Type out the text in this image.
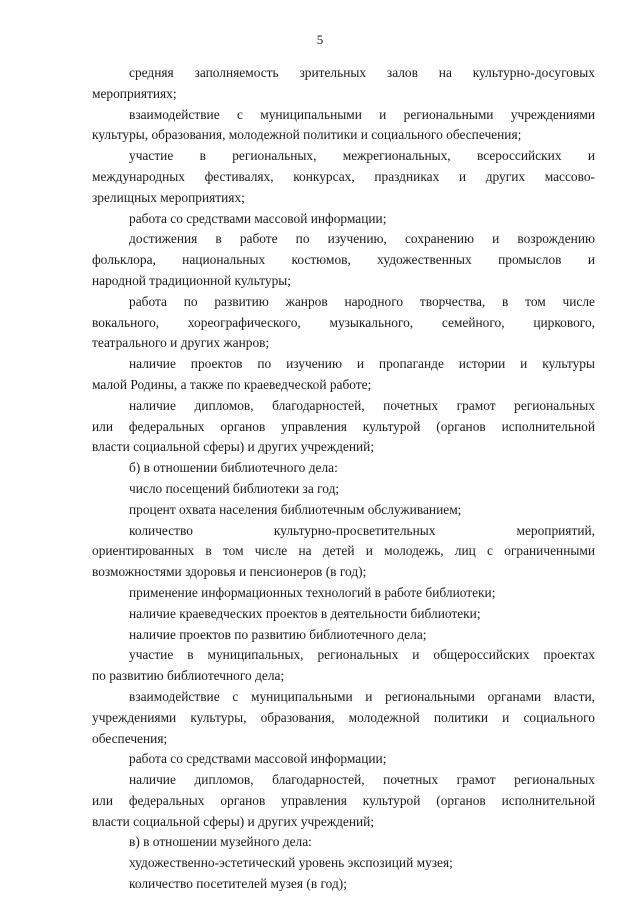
5
средняя заполняемость зрительных залов на культурно-досуговых
мероприятиях;
взаимодействие с муниципальными и региональными учреждениями
культуры, образования, молодежной политики и социального обеспечения;
участие в региональных, межрегиональных, всероссийских и
международных фестивалях, конкурсах, праздниках и других массово-
зрелищных мероприятиях;
работа со средствами массовой информации;
достижения в работе по изучению, сохранению и возрождению
фольклора, национальных костюмов, художественных промыслов и
народной традиционной культуры;
работа по развитию жанров народного творчества, в том числе
вокального, хореографического, музыкального, семейного, циркового,
театрального и других жанров;
наличие проектов по изучению и пропаганде истории и культуры
малой Родины, а также по краеведческой работе;
наличие дипломов, благодарностей, почетных грамот региональных
или федеральных органов управления культурой (органов исполнительной
власти социальной сферы) и других учреждений;
б) в отношении библиотечного дела:
число посещений библиотеки за год;
процент охвата населения библиотечным обслуживанием;
количество культурно-просветительных мероприятий,
ориентированных в том числе на детей и молодежь, лиц с ограниченными
возможностями здоровья и пенсионеров (в год);
применение информационных технологий в работе библиотеки;
наличие краеведческих проектов в деятельности библиотеки;
наличие проектов по развитию библиотечного дела;
участие в муниципальных, региональных и общероссийских проектах
по развитию библиотечного дела;
взаимодействие с муниципальными и региональными органами власти,
учреждениями культуры, образования, молодежной политики и социального
обеспечения;
работа со средствами массовой информации;
наличие дипломов, благодарностей, почетных грамот региональных
или федеральных органов управления культурой (органов исполнительной
власти социальной сферы) и других учреждений;
в) в отношении музейного дела:
художественно-эстетический уровень экспозиций музея;
количество посетителей музея (в год);
